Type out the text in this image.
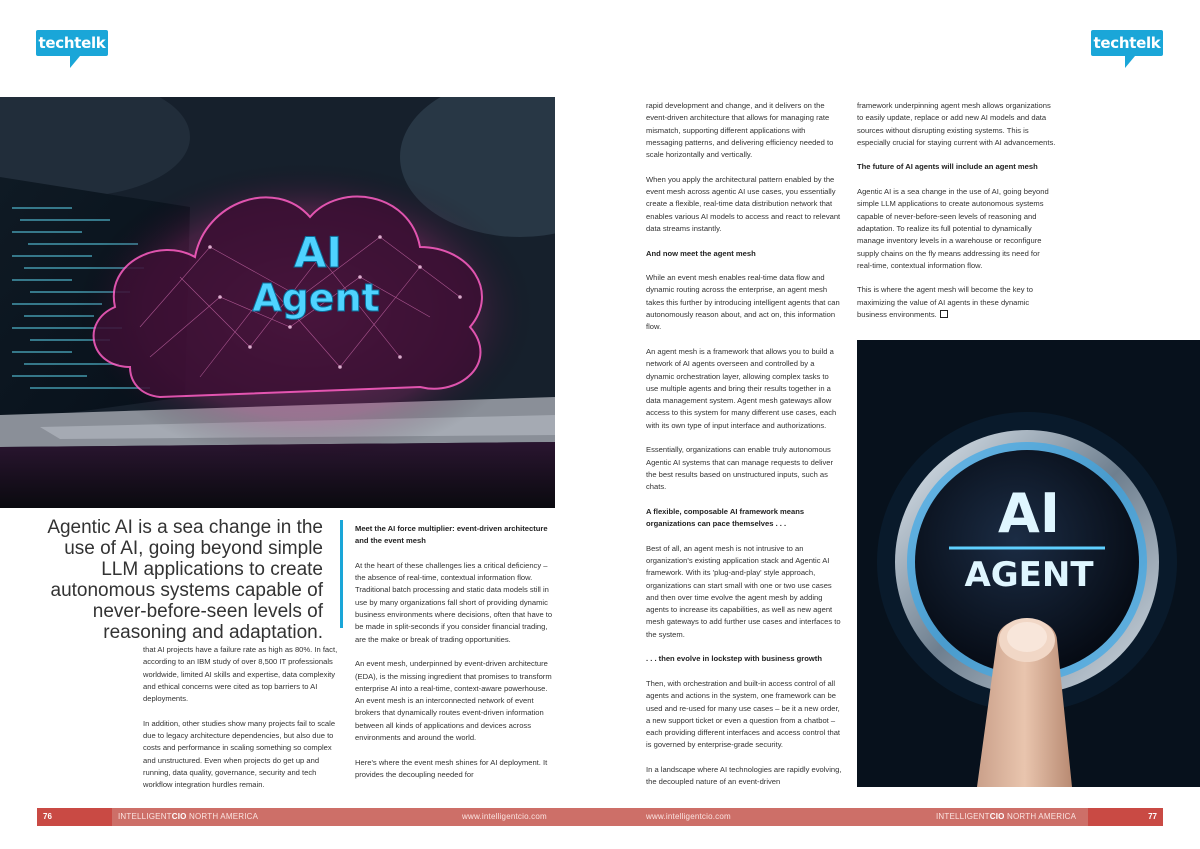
techtelk	techtelk
AI
Agent
Agentic AI is a sea change in the use of AI, going beyond simple LLM applications to create autonomous systems capable of never-before-seen levels of reasoning and adaptation.

that AI projects have a failure rate as high as 80%. In fact, according to an IBM study of over 8,500 IT professionals worldwide, limited AI skills and expertise, data complexity and ethical concerns were cited as top barriers to AI deployments.

In addition, other studies show many projects fail to scale due to legacy architecture dependencies, but also due to costs and performance in scaling something so complex and unstructured. Even when projects do get up and running, data quality, governance, security and tech workflow integration hurdles remain.

Meet the AI force multiplier: event-driven architecture and the event mesh

At the heart of these challenges lies a critical deficiency – the absence of real-time, contextual information flow. Traditional batch processing and static data models still in use by many organizations fall short of providing dynamic business environments where decisions, often that have to be made in split-seconds if you consider financial trading, are the make or break of trading opportunities.

An event mesh, underpinned by event-driven architecture (EDA), is the missing ingredient that promises to transform enterprise AI into a real-time, context-aware powerhouse. An event mesh is an interconnected network of event brokers that dynamically routes event-driven information between all kinds of applications and devices across environments and around the world.

Here's where the event mesh shines for AI deployment. It provides the decoupling needed for

rapid development and change, and it delivers on the event-driven architecture that allows for managing rate mismatch, supporting different applications with messaging patterns, and delivering efficiency needed to scale horizontally and vertically.

When you apply the architectural pattern enabled by the event mesh across agentic AI use cases, you essentially create a flexible, real-time data distribution network that enables various AI models to access and react to relevant data streams instantly.

And now meet the agent mesh

While an event mesh enables real-time data flow and dynamic routing across the enterprise, an agent mesh takes this further by introducing intelligent agents that can autonomously reason about, and act on, this information flow.

An agent mesh is a framework that allows you to build a network of AI agents overseen and controlled by a dynamic orchestration layer, allowing complex tasks to use multiple agents and bring their results together in a data management system. Agent mesh gateways allow access to this system for many different use cases, each with its own type of input interface and authorizations.

Essentially, organizations can enable truly autonomous Agentic AI systems that can manage requests to deliver the best results based on unstructured inputs, such as chats.

A flexible, composable AI framework means organizations can pace themselves . . .

Best of all, an agent mesh is not intrusive to an organization's existing application stack and Agentic AI framework. With its 'plug-and-play' style approach, organizations can start small with one or two use cases and then over time evolve the agent mesh by adding agents to increase its capabilities, as well as new agent mesh gateways to add further use cases and interfaces to the system.

. . . then evolve in lockstep with business growth

Then, with orchestration and built-in access control of all agents and actions in the system, one framework can be used and re-used for many use cases – be it a new order, a new support ticket or even a question from a chatbot – each providing different interfaces and access control that is governed by enterprise-grade security.

In a landscape where AI technologies are rapidly evolving, the decoupled nature of an event-driven

framework underpinning agent mesh allows organizations to easily update, replace or add new AI models and data sources without disrupting existing systems. This is especially crucial for staying current with AI advancements.

The future of AI agents will include an agent mesh

Agentic AI is a sea change in the use of AI, going beyond simple LLM applications to create autonomous systems capable of never-before-seen levels of reasoning and adaptation. To realize its full potential to dynamically manage inventory levels in a warehouse or reconfigure supply chains on the fly means addressing its need for real-time, contextual information flow.

This is where the agent mesh will become the key to maximizing the value of AI agents in these dynamic business environments.

AI
AGENT
76	INTELLIGENTCIO NORTH AMERICA	www.intelligentcio.com	www.intelligentcio.com	INTELLIGENTCIO NORTH AMERICA	77
